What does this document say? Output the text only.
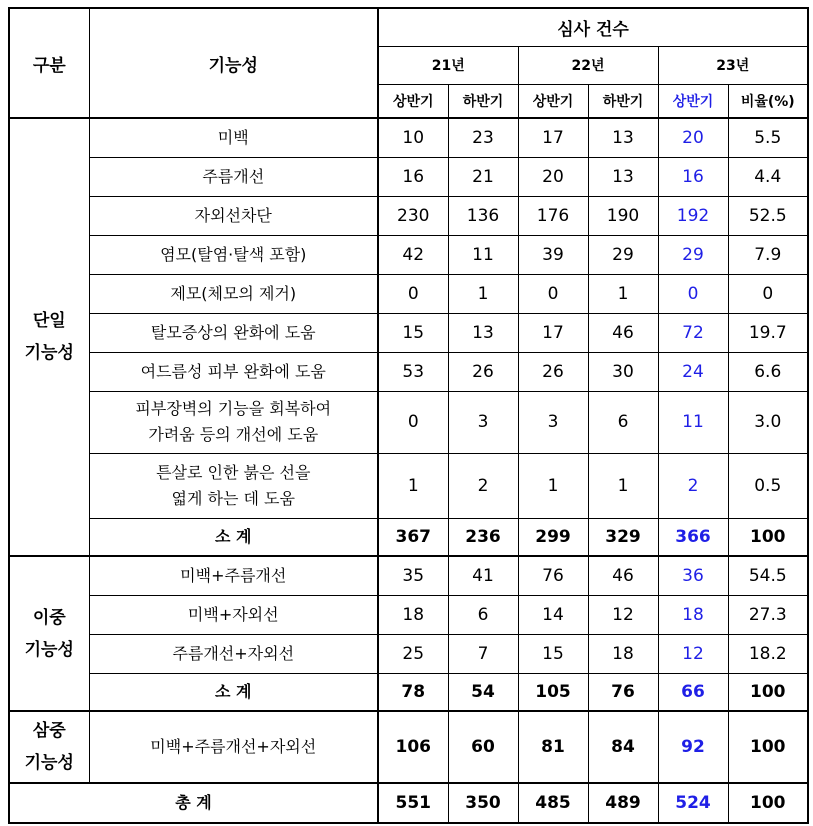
구분	기능성	심사 건수					
		21년		22년		23년	
		상반기	하반기	상반기	하반기	상반기	비율(%)

단일
기능성	미백	10	23	17	13	20	5.5

	주름개선	16	21	20	13	16	4.4

	자외선차단	230	136	176	190	192	52.5

	염모(탈염·탈색 포함)	42	11	39	29	29	7.9

	제모(체모의 제거)	0	1	0	1	0	0

	탈모증상의 완화에 도움	15	13	17	46	72	19.7

	여드름성 피부 완화에 도움	53	26	26	30	24	6.6

	피부장벽의 기능을 회복하여
가려움 등의 개선에 도움	0	3	3	6	11	3.0

	튼살로 인한 붉은 선을
엷게 하는 데 도움	1	2	1	1	2	0.5

	소 계	367	236	299	329	366	100

이중
기능성	미백+주름개선	35	41	76	46	36	54.5

	미백+자외선	18	6	14	12	18	27.3

	주름개선+자외선	25	7	15	18	12	18.2

	소 계	78	54	105	76	66	100

삼중
기능성	미백+주름개선+자외선	106	60	81	84	92	100

총 계		551	350	485	489	524	100
